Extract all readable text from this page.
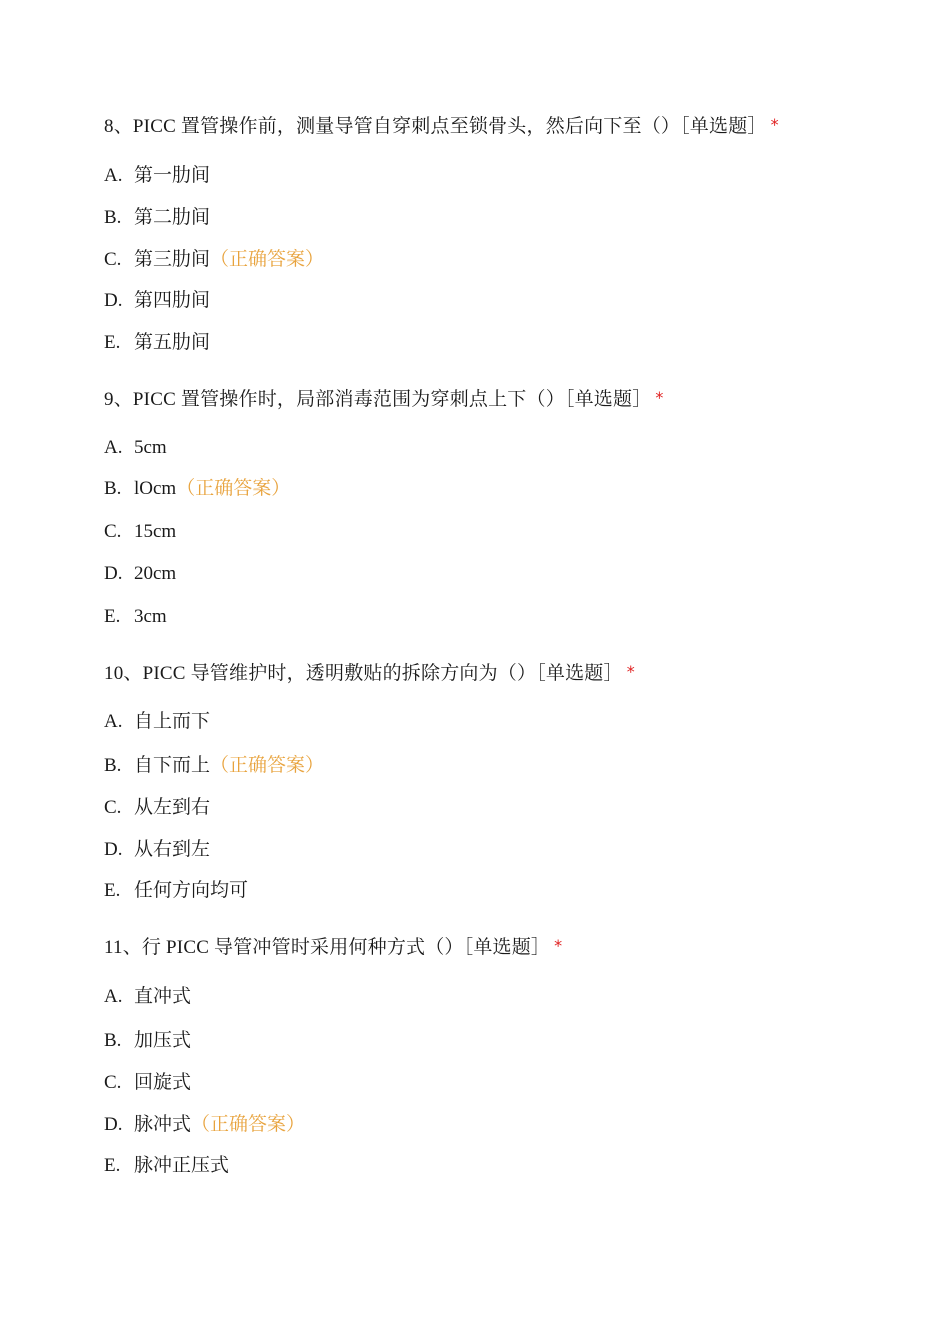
8、PICC 置管操作前，测量导管自穿刺点至锁骨头，然后向下至（）［单选题］ *
A. 第一肋间
B. 第二肋间
C. 第三肋间（正确答案）
D. 第四肋间
E. 第五肋间
9、PICC 置管操作时，局部消毒范围为穿刺点上下（）［单选题］ *
A. 5cm
B. lOcm（正确答案）
C. 15cm
D. 20cm
E. 3cm
10、PICC 导管维护时，透明敷贴的拆除方向为（）［单选题］ *
A. 自上而下
B. 自下而上（正确答案）
C. 从左到右
D. 从右到左
E. 任何方向均可
11、行 PICC 导管冲管时采用何种方式（）［单选题］ *
A. 直冲式
B. 加压式
C. 回旋式
D. 脉冲式（正确答案）
E. 脉冲正压式
